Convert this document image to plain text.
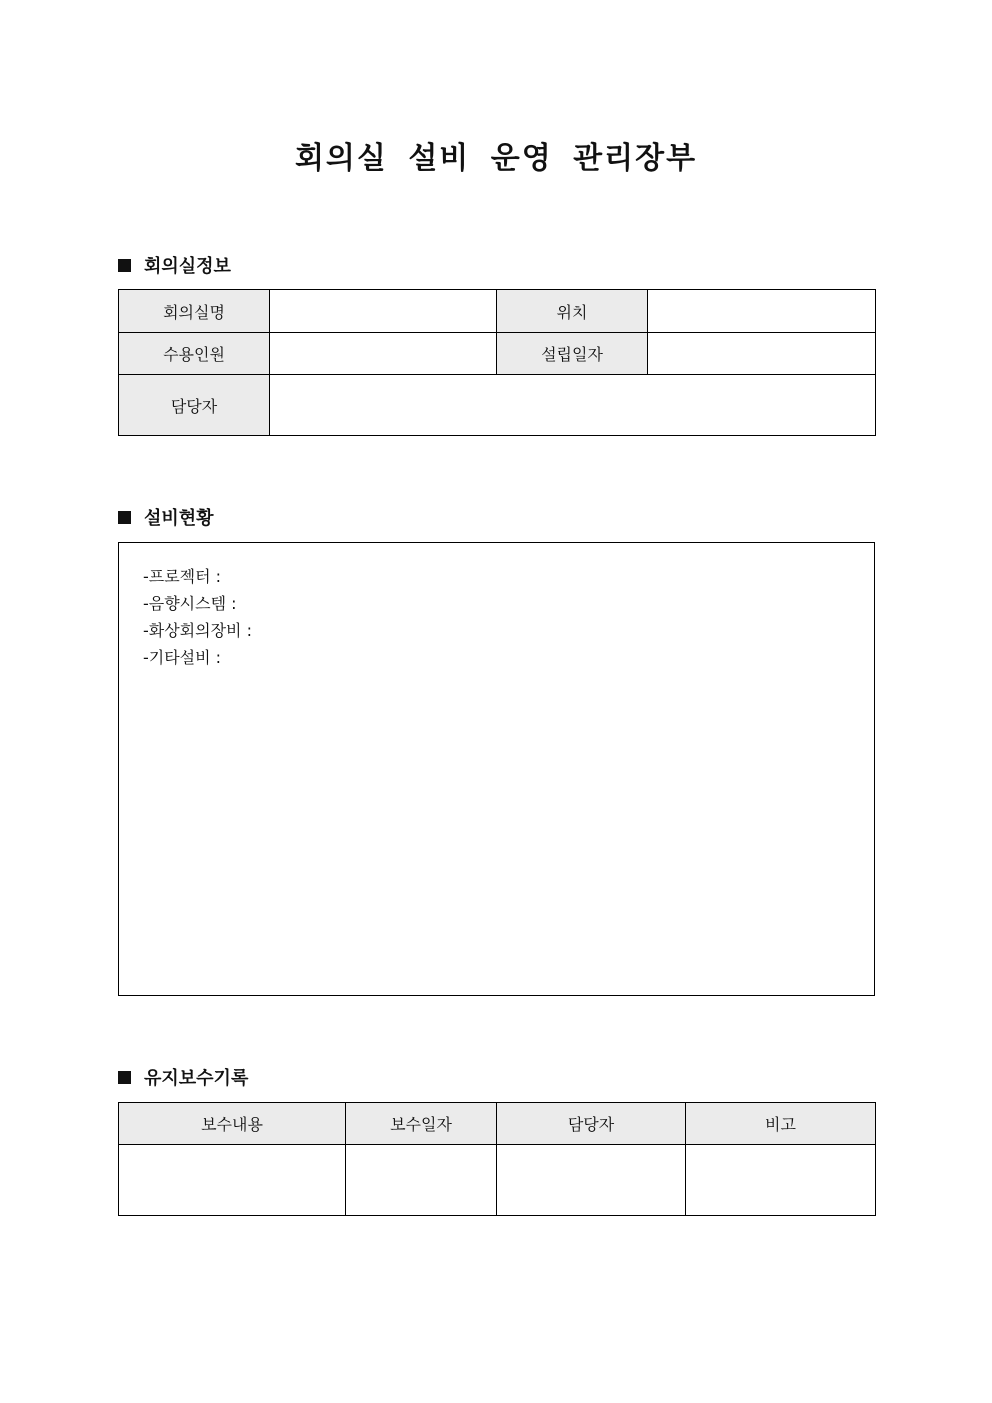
회의실 설비 운영 관리장부
회의실정보
회의실명		위치	
수용인원		설립일자	
담당자			
설비현황
-프로젝터 :
-음향시스템 :
-화상회의장비 :
-기타설비 :
유지보수기록
보수내용	보수일자	담당자	비고
